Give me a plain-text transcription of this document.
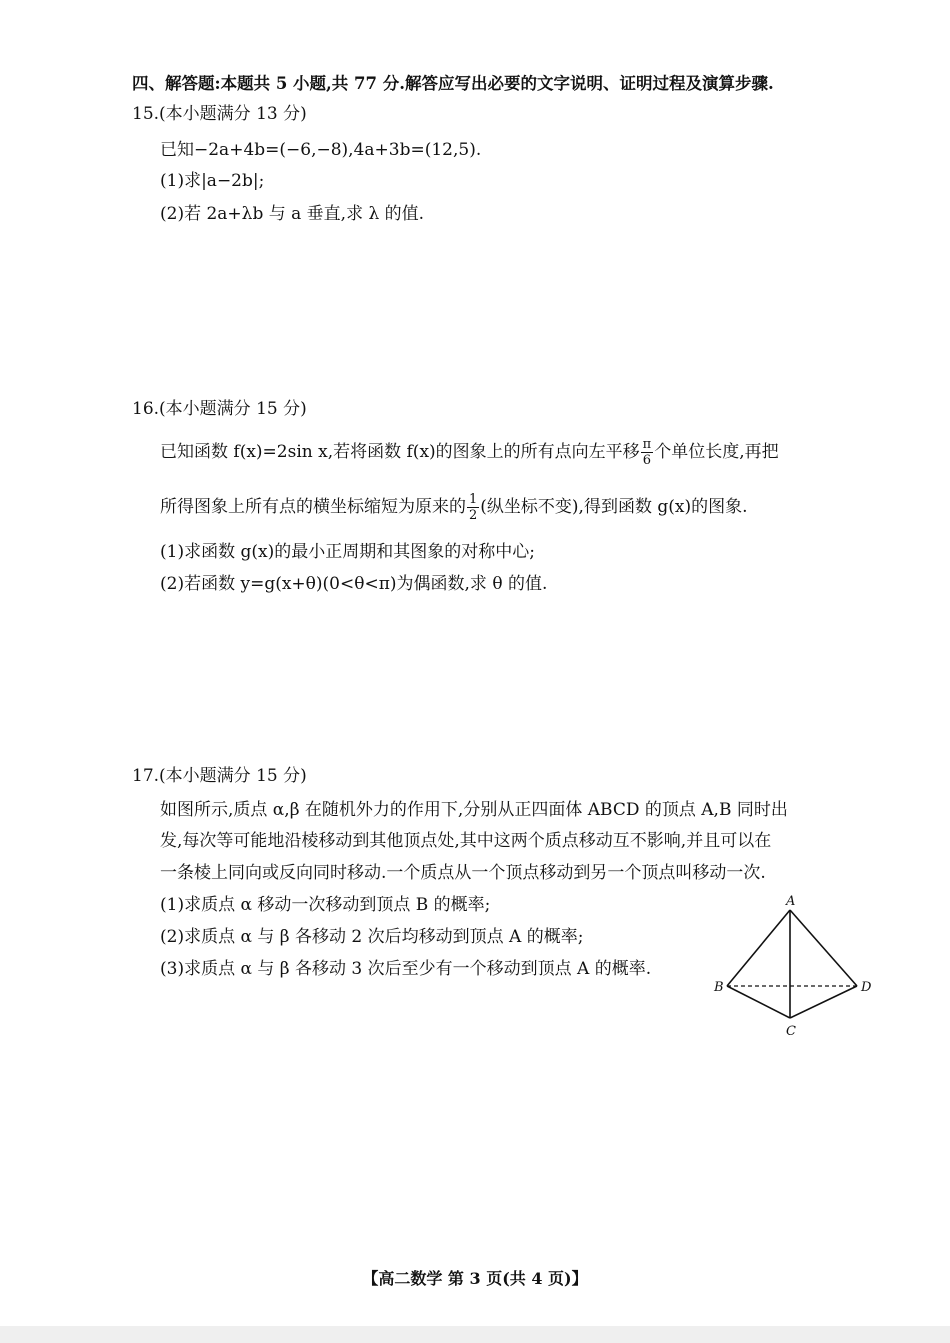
四、解答题:本题共 5 小题,共 77 分.解答应写出必要的文字说明、证明过程及演算步骤.
15.(本小题满分 13 分)
已知−2a+4b=(−6,−8),4a+3b=(12,5).
(1)求|a−2b|;
(2)若 2a+λb 与 a 垂直,求 λ 的值.
16.(本小题满分 15 分)
已知函数 f(x)=2sin x,若将函数 f(x)的图象上的所有点向左平移 $\frac{\pi}{6}$ 个单位长度,再把
所得图象上所有点的横坐标缩短为原来的 $\frac{1}{2}$ (纵坐标不变),得到函数 g(x)的图象.
(1)求函数 g(x)的最小正周期和其图象的对称中心;
(2)若函数 y=g(x+θ)(0<θ<π)为偶函数,求 θ 的值.
17.(本小题满分 15 分)
如图所示,质点 α,β 在随机外力的作用下,分别从正四面体 ABCD 的顶点 A,B 同时出
发,每次等可能地沿棱移动到其他顶点处,其中这两个质点移动互不影响,并且可以在
一条棱上同向或反向同时移动.一个质点从一个顶点移动到另一个顶点叫移动一次.
(1)求质点 α 移动一次移动到顶点 B 的概率;
(2)求质点 α 与 β 各移动 2 次后均移动到顶点 A 的概率;
(3)求质点 α 与 β 各移动 3 次后至少有一个移动到顶点 A 的概率.
A
B
C
D
【高二数学 第 3 页(共 4 页)】
